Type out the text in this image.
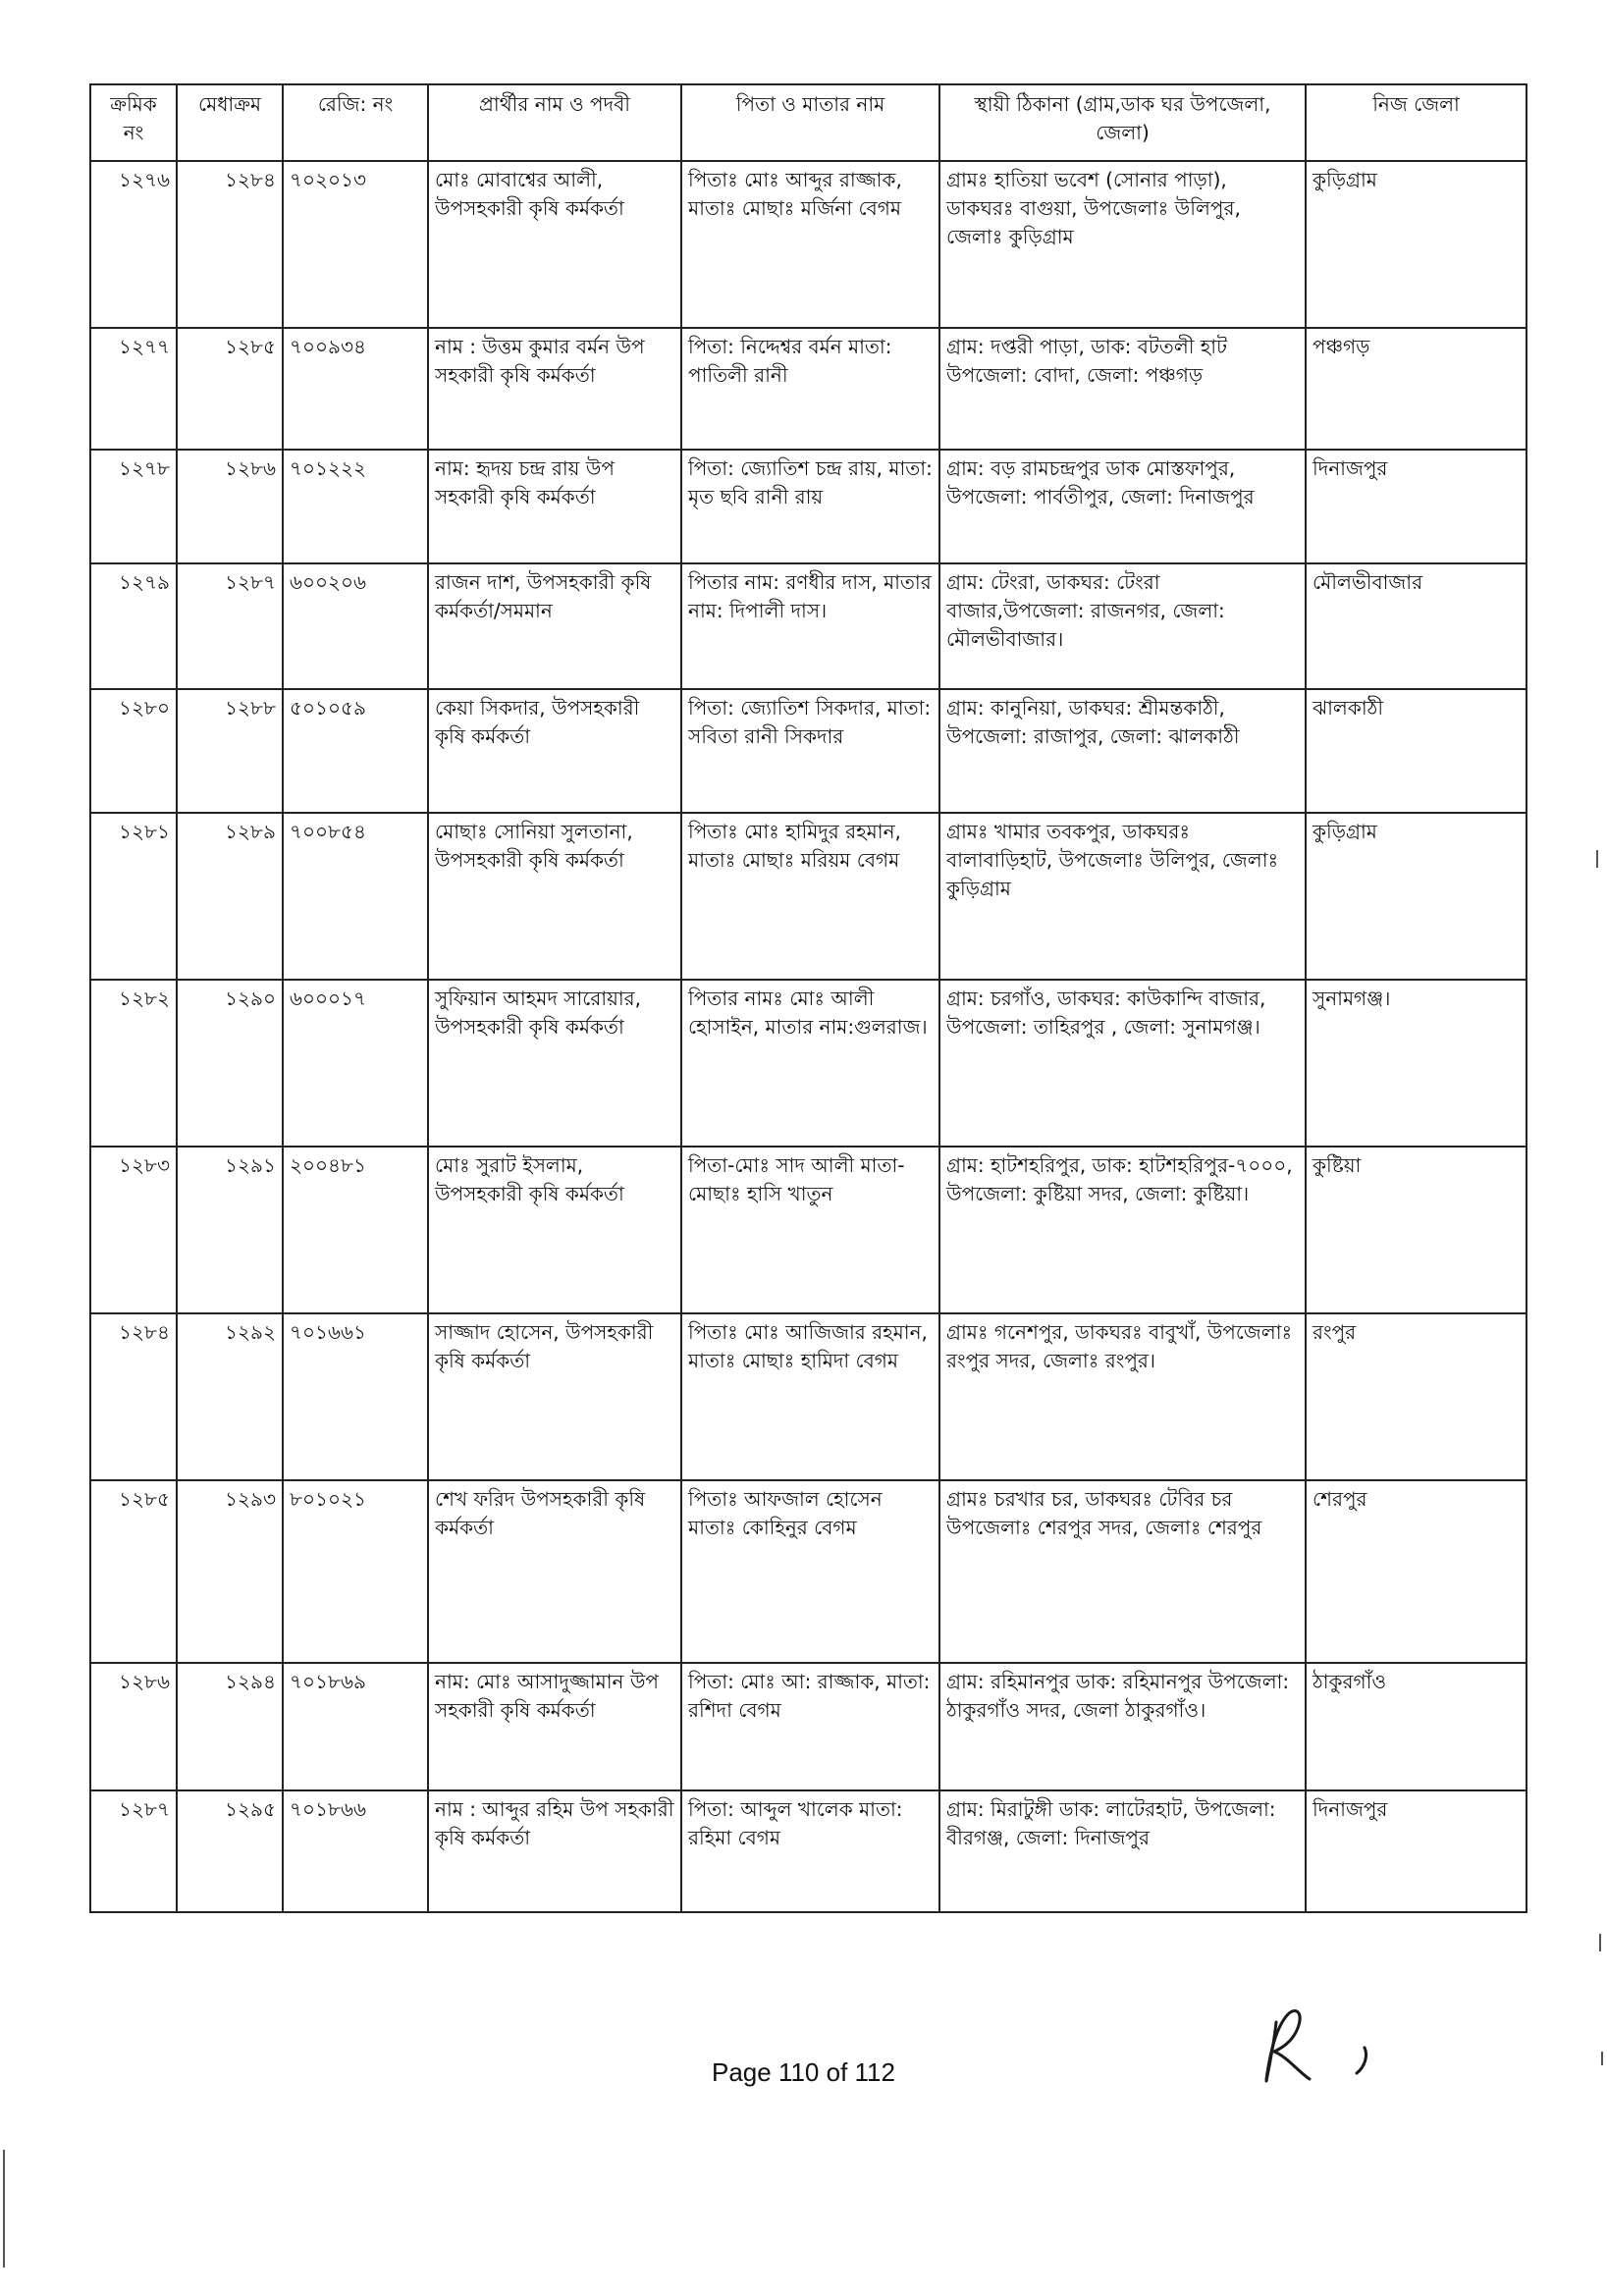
ক্রমিক নং	মেধাক্রম	রেজি: নং	প্রার্থীর নাম ও পদবী	পিতা ও মাতার নাম	স্থায়ী ঠিকানা (গ্রাম,ডাক ঘর উপজেলা, জেলা)	নিজ জেলা
১২৭৬	১২৮৪	৭০২০১৩	মোঃ মোবাশ্বের আলী, উপসহকারী কৃষি কর্মকর্তা	পিতাঃ মোঃ আব্দুর রাজ্জাক, মাতাঃ মোছাঃ মর্জিনা বেগম	গ্রামঃ হাতিয়া ভবেশ (সোনার পাড়া), ডাকঘরঃ বাগুয়া, উপজেলাঃ উলিপুর, জেলাঃ কুড়িগ্রাম	কুড়িগ্রাম
১২৭৭	১২৮৫	৭০০৯৩৪	নাম : উত্তম কুমার বর্মন উপ সহকারী কৃষি কর্মকর্তা	পিতা: নিদ্দেশ্বর বর্মন মাতা: পাতিলী রানী	গ্রাম: দপ্তরী পাড়া, ডাক: বটতলী হাট উপজেলা: বোদা, জেলা: পঞ্চগড়	পঞ্চগড়
১২৭৮	১২৮৬	৭০১২২২	নাম: হৃদয় চন্দ্র রায় উপ সহকারী কৃষি কর্মকর্তা	পিতা: জ্যোতিশ চন্দ্র রায়, মাতা: মৃত ছবি রানী রায়	গ্রাম: বড় রামচন্দ্রপুর ডাক মোস্তফাপুর, উপজেলা: পার্বতীপুর, জেলা: দিনাজপুর	দিনাজপুর
১২৭৯	১২৮৭	৬০০২০৬	রাজন দাশ, উপসহকারী কৃষি কর্মকর্তা/সমমান	পিতার নাম: রণধীর দাস, মাতার নাম: দিপালী দাস।	গ্রাম: টেংরা, ডাকঘর: টেংরা বাজার,উপজেলা: রাজনগর, জেলা: মৌলভীবাজার।	মৌলভীবাজার
১২৮০	১২৮৮	৫০১০৫৯	কেয়া সিকদার, উপসহকারী কৃষি কর্মকর্তা	পিতা: জ্যোতিশ সিকদার, মাতা: সবিতা রানী সিকদার	গ্রাম: কানুনিয়া, ডাকঘর: শ্রীমন্তকাঠী, উপজেলা: রাজাপুর, জেলা: ঝালকাঠী	ঝালকাঠী
১২৮১	১২৮৯	৭০০৮৫৪	মোছাঃ সোনিয়া সুলতানা, উপসহকারী কৃষি কর্মকর্তা	পিতাঃ মোঃ হামিদুর রহমান, মাতাঃ মোছাঃ মরিয়ম বেগম	গ্রামঃ খামার তবকপুর, ডাকঘরঃ বালাবাড়িহাট, উপজেলাঃ উলিপুর, জেলাঃ কুড়িগ্রাম	কুড়িগ্রাম
১২৮২	১২৯০	৬০০০১৭	সুফিয়ান আহমদ সারোয়ার, উপসহকারী কৃষি কর্মকর্তা	পিতার নামঃ মোঃ আলী হোসাইন, মাতার নাম:গুলরাজ।	গ্রাম: চরগাঁও, ডাকঘর: কাউকান্দি বাজার, উপজেলা: তাহিরপুর , জেলা: সুনামগঞ্জ।	সুনামগঞ্জ।
১২৮৩	১২৯১	২০০৪৮১	মোঃ সুরাট ইসলাম, উপসহকারী কৃষি কর্মকর্তা	পিতা-মোঃ সাদ আলী মাতা-মোছাঃ হাসি খাতুন	গ্রাম: হাটশহরিপুর, ডাক: হাটশহরিপুর-৭০০০, উপজেলা: কুষ্টিয়া সদর, জেলা: কুষ্টিয়া।	কুষ্টিয়া
১২৮৪	১২৯২	৭০১৬৬১	সাজ্জাদ হোসেন, উপসহকারী কৃষি কর্মকর্তা	পিতাঃ মোঃ আজিজার রহমান, মাতাঃ মোছাঃ হামিদা বেগম	গ্রামঃ গনেশপুর, ডাকঘরঃ বাবুখাঁ, উপজেলাঃ রংপুর সদর, জেলাঃ রংপুর।	রংপুর
১২৮৫	১২৯৩	৮০১০২১	শেখ ফরিদ উপসহকারী কৃষি কর্মকর্তা	পিতাঃ আফজাল হোসেন মাতাঃ কোহিনুর বেগম	গ্রামঃ চরখার চর, ডাকঘরঃ টেবির চর উপজেলাঃ শেরপুর সদর, জেলাঃ শেরপুর	শেরপুর
১২৮৬	১২৯৪	৭০১৮৬৯	নাম: মোঃ আসাদুজ্জামান উপ সহকারী কৃষি কর্মকর্তা	পিতা: মোঃ আ: রাজ্জাক, মাতা: রশিদা বেগম	গ্রাম: রহিমানপুর ডাক: রহিমানপুর উপজেলা: ঠাকুরগাঁও সদর, জেলা ঠাকুরগাঁও।	ঠাকুরগাঁও
১২৮৭	১২৯৫	৭০১৮৬৬	নাম : আব্দুর রহিম উপ সহকারী কৃষি কর্মকর্তা	পিতা: আব্দুল খালেক মাতা: রহিমা বেগম	গ্রাম: মিরাটুঙ্গী ডাক: লাটেরহাট, উপজেলা: বীরগঞ্জ, জেলা: দিনাজপুর	দিনাজপুর
Page 110 of 112
